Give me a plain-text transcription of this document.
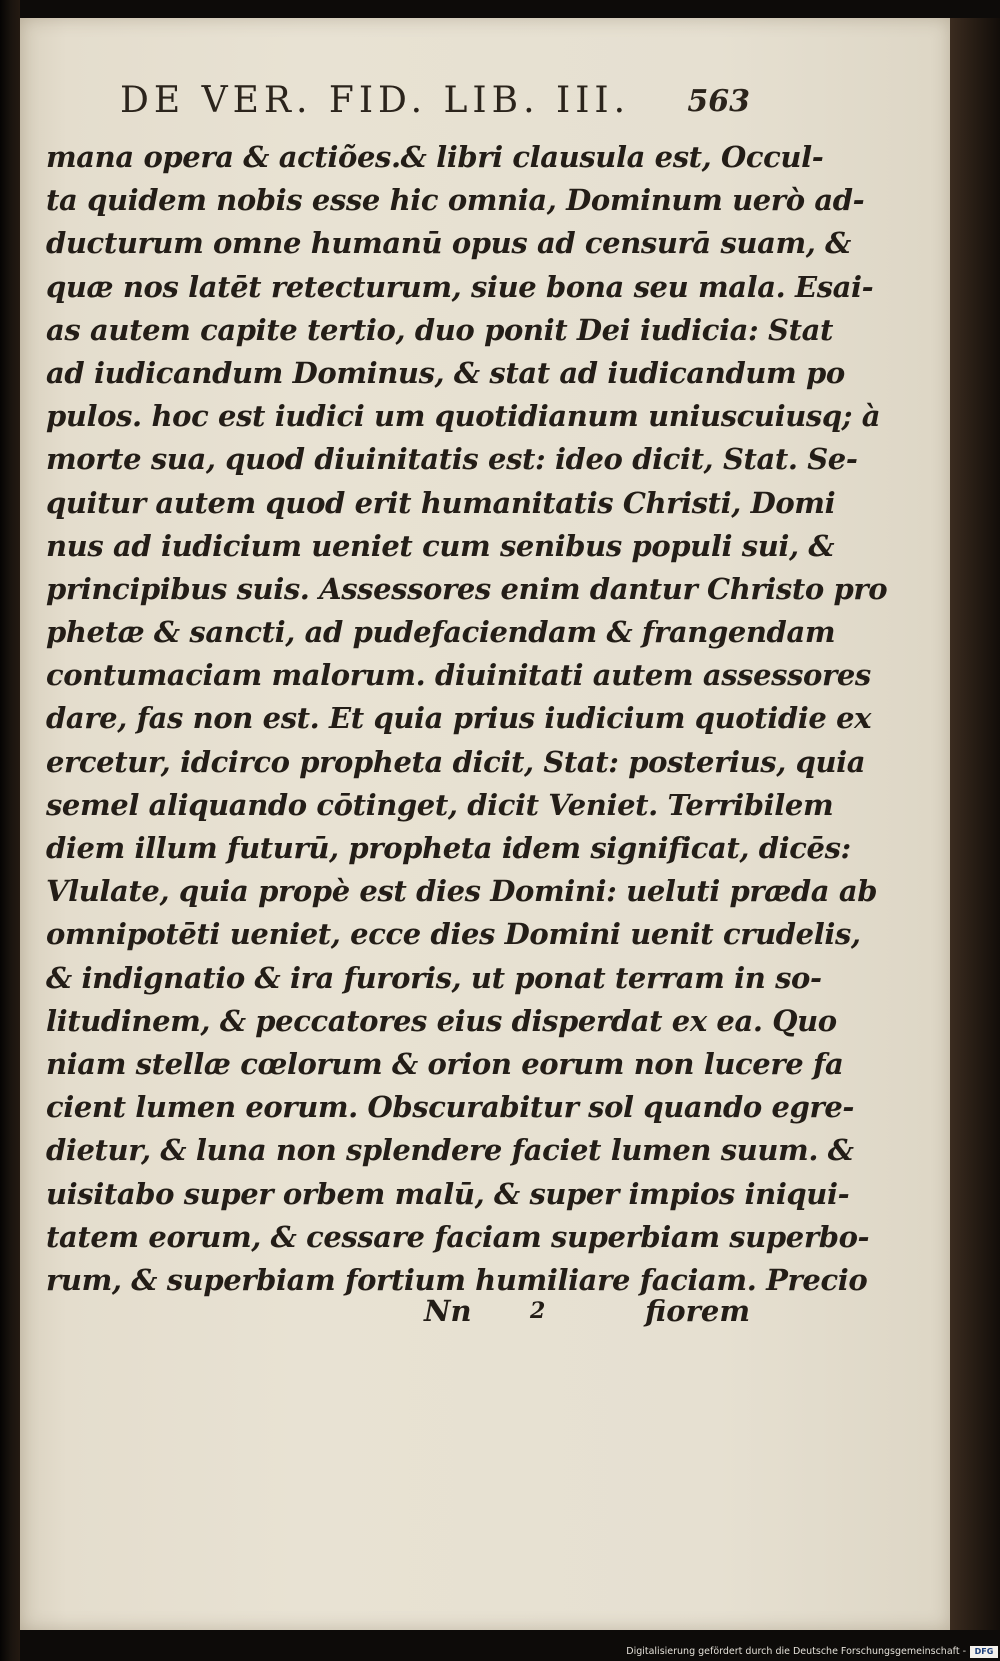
DE VER. FID. LIB. III. 563
mana opera & actiões.& libri clausula est, Occul-
ta quidem nobis esse hic omnia, Dominum uerò ad-
ducturum omne humanū opus ad censurā suam, &
quæ nos latēt retecturum, siue bona seu mala. Esai-
as autem capite tertio, duo ponit Dei iudicia: Stat
ad iudicandum Dominus, & stat ad iudicandum po
pulos. hoc est iudici um quotidianum uniuscuiusq; à
morte sua, quod diuinitatis est: ideo dicit, Stat. Se-
quitur autem quod erit humanitatis Christi, Domi
nus ad iudicium ueniet cum senibus populi sui, &
principibus suis. Assessores enim dantur Christo pro
phetæ & sancti, ad pudefaciendam & frangendam
contumaciam malorum. diuinitati autem assessores
dare, fas non est. Et quia prius iudicium quotidie ex
ercetur, idcirco propheta dicit, Stat: posterius, quia
semel aliquando cōtinget, dicit Veniet. Terribilem
diem illum futurū, propheta idem significat, dicēs:
Vlulate, quia propè est dies Domini: ueluti præda ab
omnipotēti ueniet, ecce dies Domini uenit crudelis,
& indignatio & ira furoris, ut ponat terram in so-
litudinem, & peccatores eius disperdat ex ea. Quo
niam stellæ cœlorum & orion eorum non lucere fa
cient lumen eorum. Obscurabitur sol quando egre-
dietur, & luna non splendere faciet lumen suum. &
uisitabo super orbem malū, & super impios iniqui-
tatem eorum, & cessare faciam superbiam superbo-
rum, & superbiam fortium humiliare faciam. Precio
Nn	2	fiorem
Digitalisierung gefördert durch die Deutsche Forschungsgemeinschaft -	DFG
